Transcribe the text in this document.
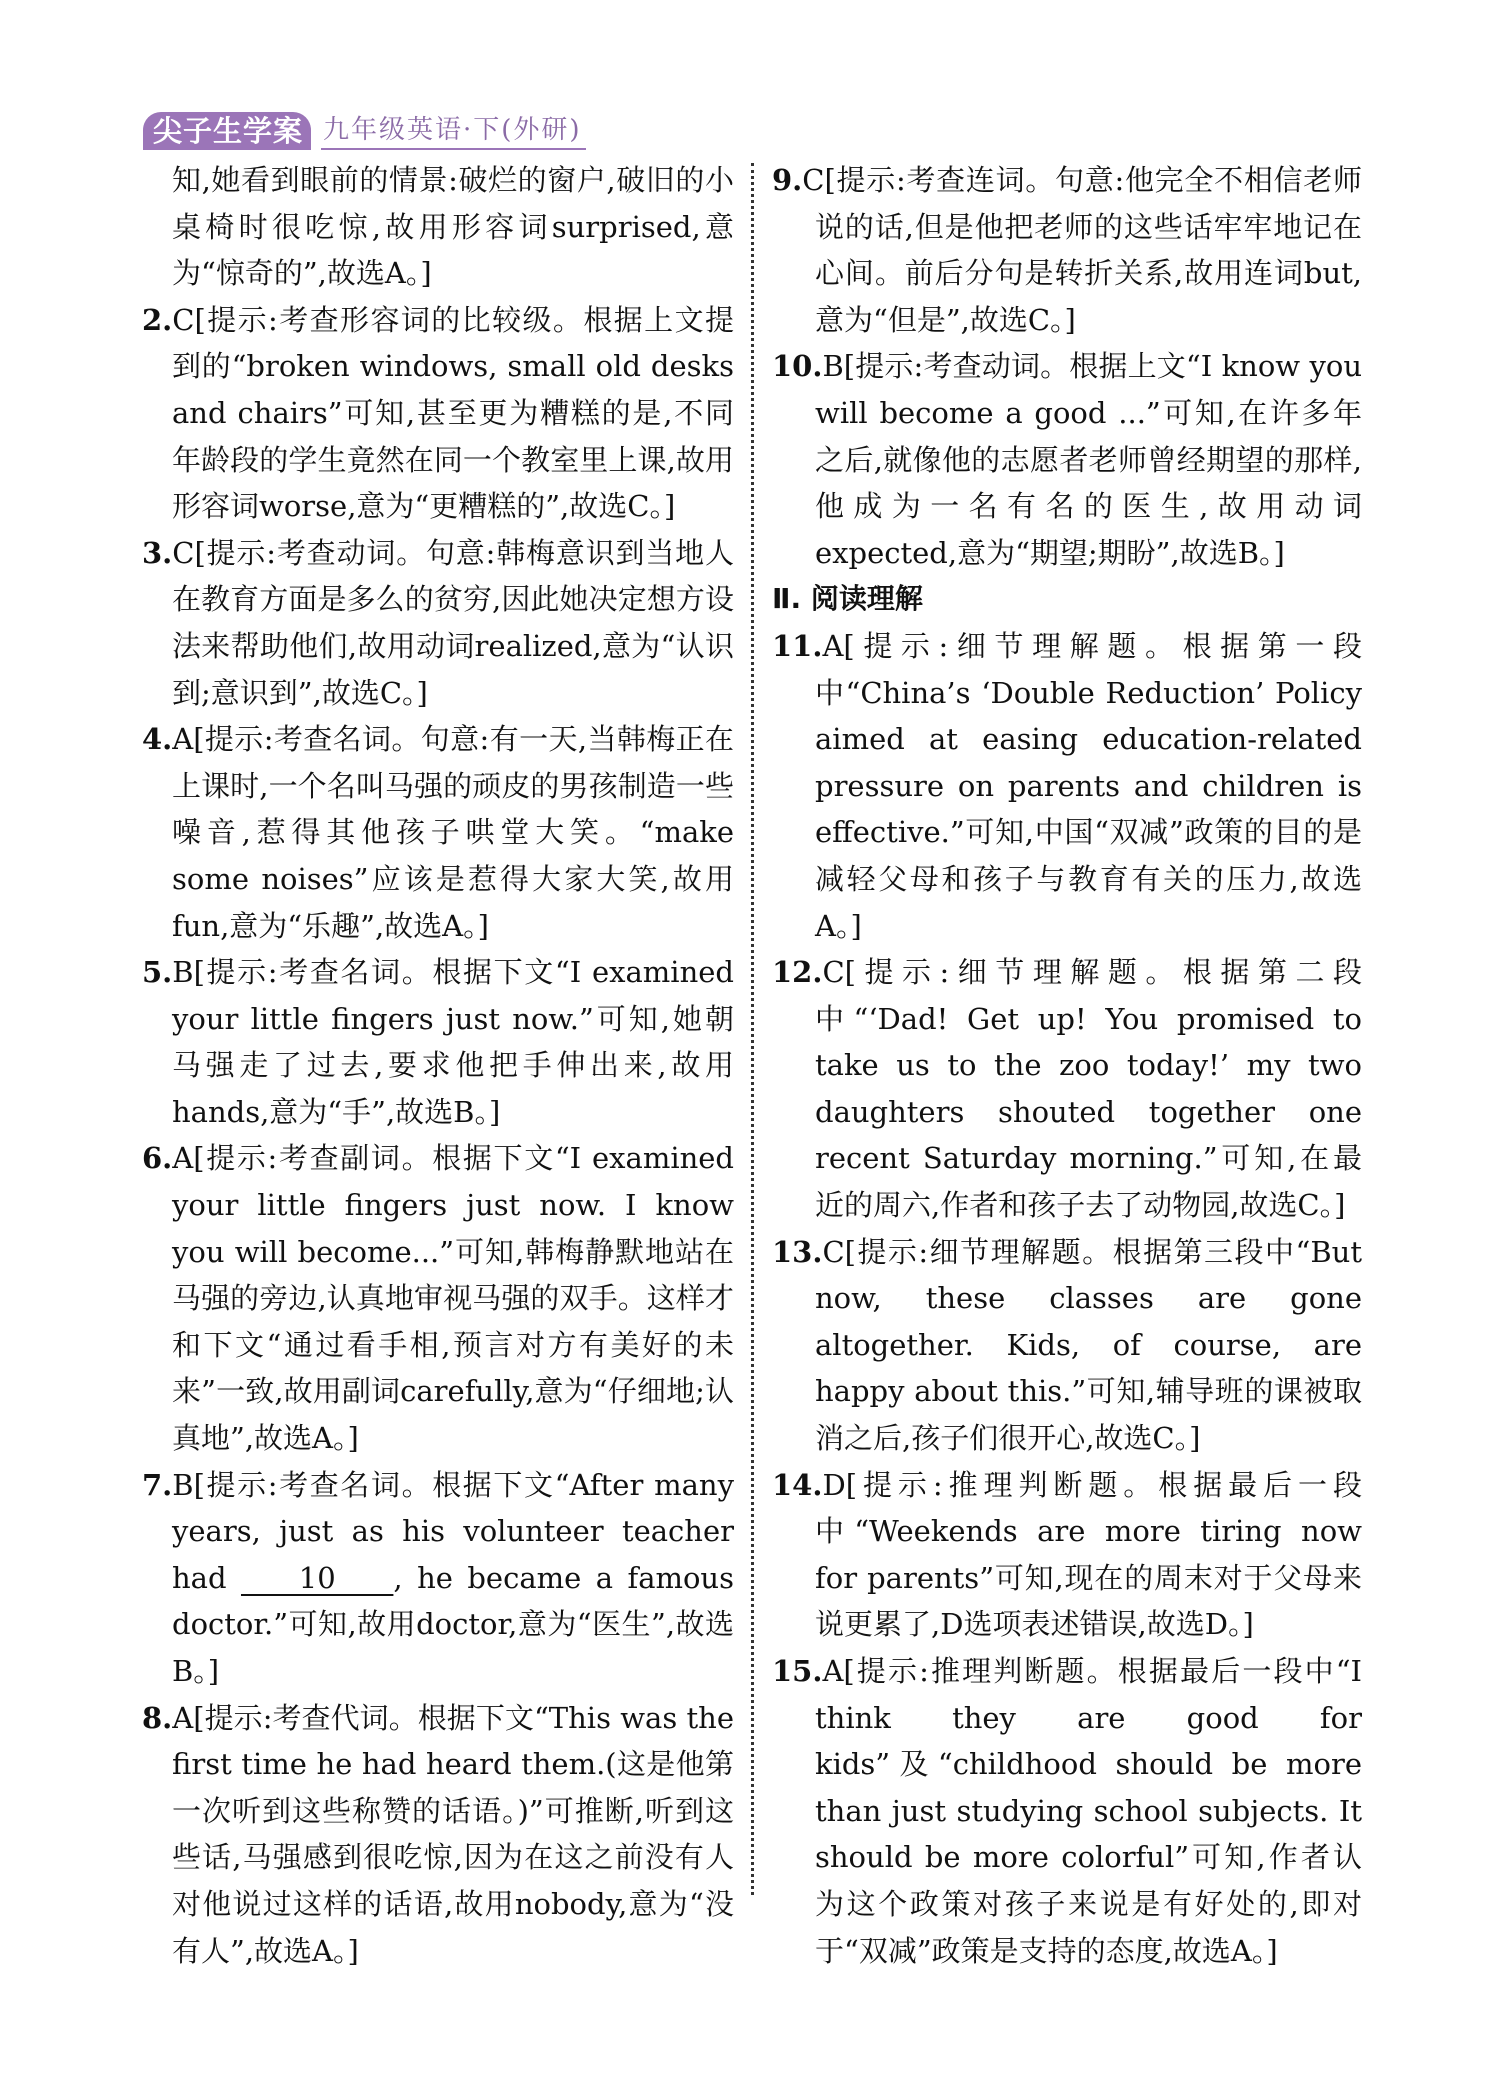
尖子生学案 九年级英语·下(外研)
知,她看到眼前的情景:破烂的窗户,破旧的小桌椅时很吃惊,故用形容词surprised,意为“惊奇的”,故选A。]
2.C[提示:考查形容词的比较级。根据上文提到的“broken windows, small old desks and chairs”可知,甚至更为糟糕的是,不同年龄段的学生竟然在同一个教室里上课,故用形容词worse,意为“更糟糕的”,故选C。]
3.C[提示:考查动词。句意:韩梅意识到当地人在教育方面是多么的贫穷,因此她决定想方设法来帮助他们,故用动词realized,意为“认识到;意识到”,故选C。]
4.A[提示:考查名词。句意:有一天,当韩梅正在上课时,一个名叫马强的顽皮的男孩制造一些噪音,惹得其他孩子哄堂大笑。“make some noises”应该是惹得大家大笑,故用fun,意为“乐趣”,故选A。]
5.B[提示:考查名词。根据下文“I examined your little fingers just now.”可知,她朝马强走了过去,要求他把手伸出来,故用hands,意为“手”,故选B。]
6.A[提示:考查副词。根据下文“I examined your little fingers just now. I know you will become...”可知,韩梅静默地站在马强的旁边,认真地审视马强的双手。这样才和下文“通过看手相,预言对方有美好的未来”一致,故用副词carefully,意为“仔细地;认真地”,故选A。]
7.B[提示:考查名词。根据下文“After many years, just as his volunteer teacher had     10    , he became a famous doctor.”可知,故用doctor,意为“医生”,故选B。]
8.A[提示:考查代词。根据下文“This was the first time he had heard them.(这是他第一次听到这些称赞的话语。)”可推断,听到这些话,马强感到很吃惊,因为在这之前没有人对他说过这样的话语,故用nobody,意为“没有人”,故选A。]
9.C[提示:考查连词。句意:他完全不相信老师说的话,但是他把老师的这些话牢牢地记在心间。前后分句是转折关系,故用连词but,意为“但是”,故选C。]
10.B[提示:考查动词。根据上文“I know you will become a good ...”可知,在许多年之后,就像他的志愿者老师曾经期望的那样,他成为一名有名的医生,故用动词expected,意为“期望;期盼”,故选B。]
Ⅱ. 阅读理解
11.A[提示:细节理解题。根据第一段中“China’s ‘Double Reduction’ Policy aimed at easing education-related pressure on parents and children is effective.”可知,中国“双减”政策的目的是减轻父母和孩子与教育有关的压力,故选A。]
12.C[提示:细节理解题。根据第二段中“‘Dad! Get up! You promised to take us to the zoo today!’ my two daughters shouted together one recent Saturday morning.”可知,在最近的周六,作者和孩子去了动物园,故选C。]
13.C[提示:细节理解题。根据第三段中“But now, these classes are gone altogether. Kids, of course, are happy about this.”可知,辅导班的课被取消之后,孩子们很开心,故选C。]
14.D[提示:推理判断题。根据最后一段中“Weekends are more tiring now for parents”可知,现在的周末对于父母来说更累了,D选项表述错误,故选D。]
15.A[提示:推理判断题。根据最后一段中“I think they are good for kids”及“childhood should be more than just studying school subjects. It should be more colorful”可知,作者认为这个政策对孩子来说是有好处的,即对于“双减”政策是支持的态度,故选A。]
